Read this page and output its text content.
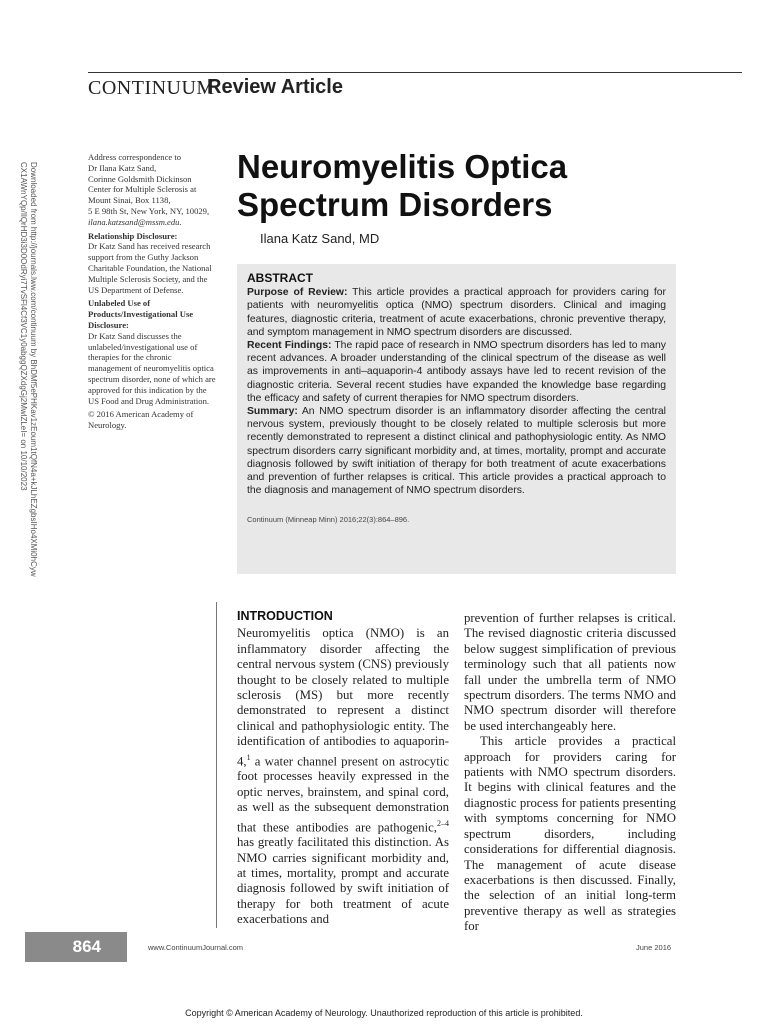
CONTINUUM
Review Article
Downloaded from http://journals.lww.com/continuum by BhDMf5ePHKav1zEoum1tQfN4a+kJLhEZgbsIHo4XMi0hCyw
CX1AWnYQp/IlQrHD3i3D0OdRyi7TvSFl4Cf3VC1y0abggQZXdgGj2MwlZLeI= on 10/10/2023

Address correspondence to
Dr Ilana Katz Sand,
Corinne Goldsmith Dickinson
Center for Multiple Sclerosis at
Mount Sinai, Box 1138,
5 E 98th St, New York, NY, 10029,
ilana.katzsand@mssm.edu.

Relationship Disclosure:
Dr Katz Sand has received research support from the Guthy Jackson Charitable Foundation, the National Multiple Sclerosis Society, and the US Department of Defense.

Unlabeled Use of Products/Investigational Use Disclosure:
Dr Katz Sand discusses the unlabeled/investigational use of therapies for the chronic management of neuromyelitis optica spectrum disorder, none of which are approved for this indication by the US Food and Drug Administration.

© 2016 American Academy of Neurology.

Neuromyelitis Optica
Spectrum Disorders
Ilana Katz Sand, MD
ABSTRACT

Purpose of Review: This article provides a practical approach for providers caring for patients with neuromyelitis optica (NMO) spectrum disorders. Clinical and imaging features, diagnostic criteria, treatment of acute exacerbations, chronic preventive therapy, and symptom management in NMO spectrum disorders are discussed.

Recent Findings: The rapid pace of research in NMO spectrum disorders has led to many recent advances. A broader understanding of the clinical spectrum of the disease as well as improvements in anti–aquaporin-4 antibody assays have led to recent revision of the diagnostic criteria. Several recent studies have expanded the knowledge base regarding the efficacy and safety of current therapies for NMO spectrum disorders.

Summary: An NMO spectrum disorder is an inflammatory disorder affecting the central nervous system, previously thought to be closely related to multiple sclerosis but more recently demonstrated to represent a distinct clinical and pathophysiologic entity. As NMO spectrum disorders carry significant morbidity and, at times, mortality, prompt and accurate diagnosis followed by swift initiation of therapy for both treatment of acute exacerbations and prevention of further relapses is critical. This article provides a practical approach to the diagnosis and management of NMO spectrum disorders.

Continuum (Minneap Minn) 2016;22(3):864–896.
INTRODUCTION

Neuromyelitis optica (NMO) is an inflammatory disorder affecting the central nervous system (CNS) previously thought to be closely related to multiple sclerosis (MS) but more recently demonstrated to represent a distinct clinical and pathophysiologic entity. The identification of antibodies to aquaporin-4,$^1$ a water channel present on astrocytic foot processes heavily expressed in the optic nerves, brainstem, and spinal cord, as well as the subsequent demonstration that these antibodies are pathogenic,$^{2-4}$ has greatly facilitated this distinction. As NMO carries significant morbidity and, at times, mortality, prompt and accurate diagnosis followed by swift initiation of therapy for both treatment of acute exacerbations and

prevention of further relapses is critical. The revised diagnostic criteria discussed below suggest simplification of previous terminology such that all patients now fall under the umbrella term of NMO spectrum disorders. The terms NMO and NMO spectrum disorder will therefore be used interchangeably here.

This article provides a practical approach for providers caring for patients with NMO spectrum disorders. It begins with clinical features and the diagnostic process for patients presenting with symptoms concerning for NMO spectrum disorders, including considerations for differential diagnosis. The management of acute disease exacerbations is then discussed. Finally, the selection of an initial long-term preventive therapy as well as strategies for

864	www.ContinuumJournal.com	June 2016
Copyright © American Academy of Neurology. Unauthorized reproduction of this article is prohibited.
